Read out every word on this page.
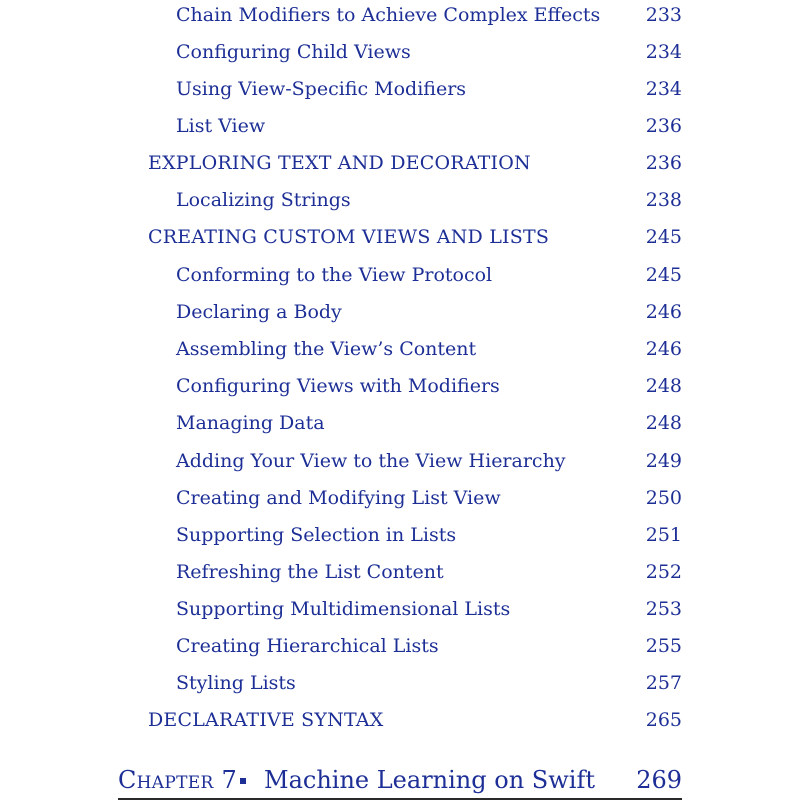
Chain Modifiers to Achieve Complex Effects 233
Configuring Child Views	234
Using View-Specific Modifiers	234
List View	236
EXPLORING TEXT AND DECORATION	236
Localizing Strings	238
CREATING CUSTOM VIEWS AND LISTS	245
Conforming to the View Protocol	245
Declaring a Body	246
Assembling the View’s Content	246
Configuring Views with Modifiers	248
Managing Data	248
Adding Your View to the View Hierarchy	249
Creating and Modifying List View	250
Supporting Selection in Lists	251
Refreshing the List Content	252
Supporting Multidimensional Lists	253
Creating Hierarchical Lists	255
Styling Lists	257
DECLARATIVE SYNTAX	265
Chapter 7 Machine Learning on Swift 269
